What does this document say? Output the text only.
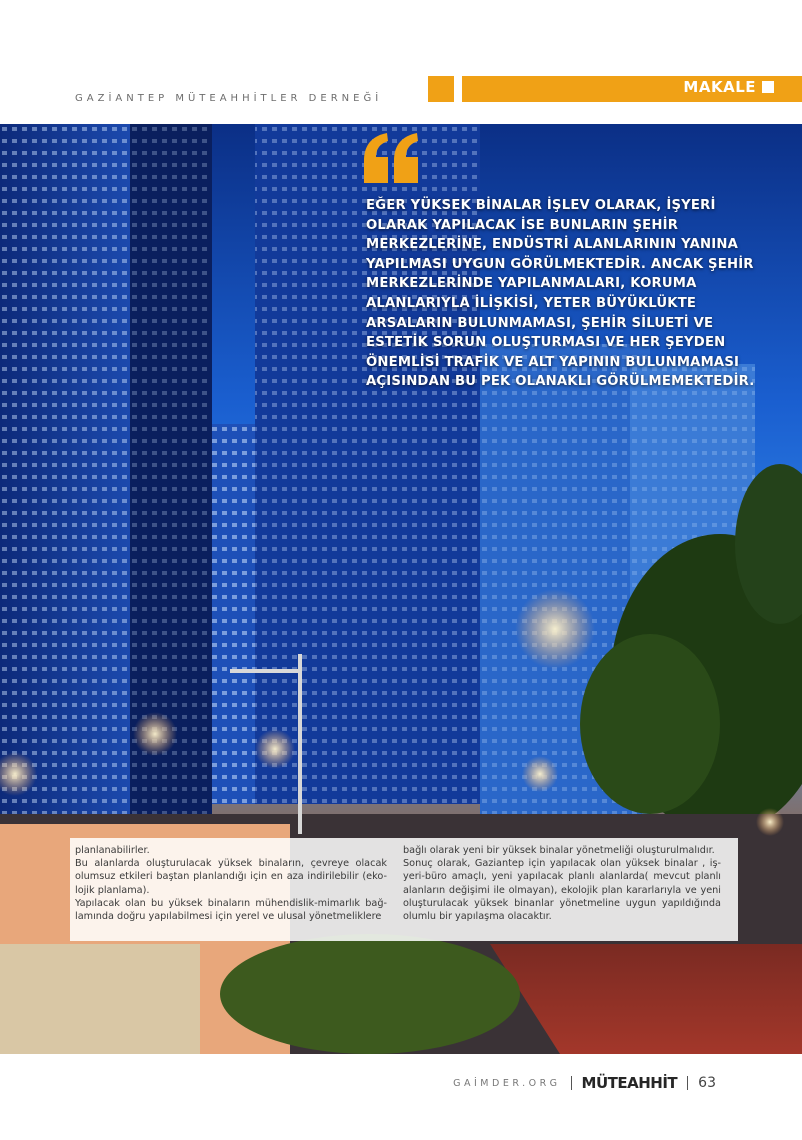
GAZİANTEP MÜTEAHHİTLER DERNEĞİ
MAKALE
EĞER YÜKSEK BİNALAR İŞLEV OLARAK, İŞYERİ OLARAK YAPILACAK İSE BUNLARIN ŞEHİR MERKEZLERİNE, ENDÜSTRİ ALANLARININ YANINA YAPILMASI UYGUN GÖRÜLMEKTEDİR. ANCAK ŞEHİR MERKEZLERİNDE YAPILANMALARI, KORUMA ALANLARIYLA İLİŞKİSİ, YETER BÜYÜKLÜKTE ARSALARIN BULUNMAMASI, ŞEHİR SİLUETİ VE ESTETİK SORUN OLUŞTURMASI VE HER ŞEYDEN ÖNEMLİSİ TRAFİK VE ALT YAPININ BULUNMAMASI AÇISINDAN BU PEK OLANAKLI GÖRÜLMEMEKTEDİR.

planlanabilirler.

Bu alanlarda oluşturulacak yüksek binaların, çevreye olacak olumsuz etkileri baştan planlandığı için en aza indirilebilir (eko-lojik planlama).

Yapılacak olan bu yüksek binaların mühendislik-mimarlık bağ-lamında doğru yapılabilmesi için yerel ve ulusal yönetmeliklere

bağlı olarak yeni bir yüksek binalar yönetmeliği oluşturulmalıdır.

Sonuç olarak, Gaziantep için yapılacak olan yüksek binalar , iş-yeri-büro amaçlı, yeni yapılacak planlı alanlarda( mevcut planlı alanların değişimi ile olmayan), ekolojik plan kararlarıyla ve yeni oluşturulacak yüksek binanlar yönetmeline uygun yapıldığında olumlu bir yapılaşma olacaktır.

GAİMDER.ORG MÜTEAHHİT 63
